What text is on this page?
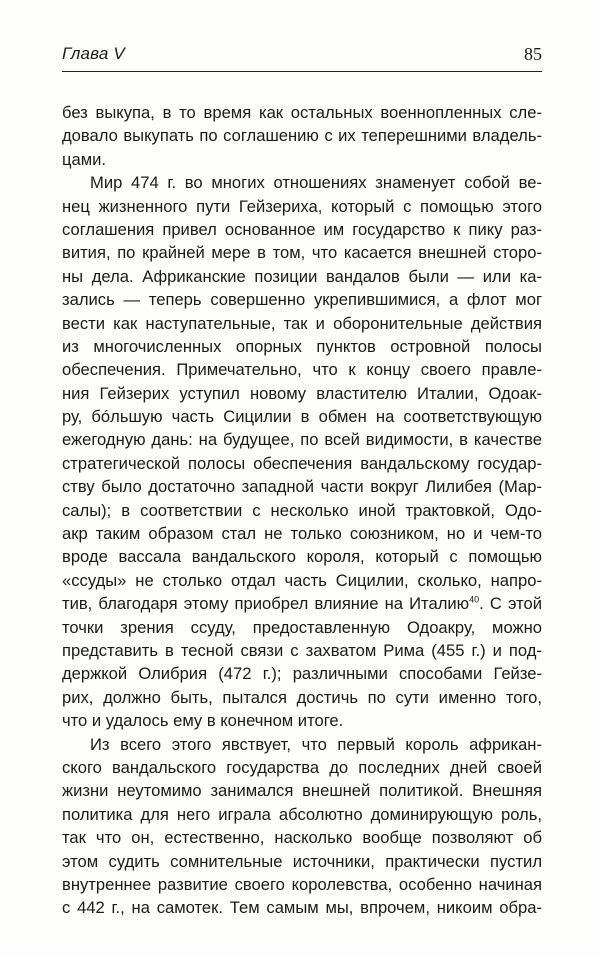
Глава V	85
без выкупа, в то время как остальных военнопленных сле-
довало выкупать по соглашению с их теперешними владель-
цами.
Мир 474 г. во многих отношениях знаменует собой ве-
нец жизненного пути Гейзериха, который с помощью этого
соглашения привел основанное им государство к пику раз-
вития, по крайней мере в том, что касается внешней сторо-
ны дела. Африканские позиции вандалов были — или ка-
зались — теперь совершенно укрепившимися, а флот мог
вести как наступательные, так и оборонительные действия
из многочисленных опорных пунктов островной полосы
обеспечения. Примечательно, что к концу своего правле-
ния Гейзерих уступил новому властителю Италии, Одоак-
ру, бóльшую часть Сицилии в обмен на соответствующую
ежегодную дань: на будущее, по всей видимости, в качестве
стратегической полосы обеспечения вандальскому государ-
ству было достаточно западной части вокруг Лилибея (Мар-
салы); в соответствии с несколько иной трактовкой, Одо-
акр таким образом стал не только союзником, но и чем-то
вроде вассала вандальского короля, который с помощью
«ссуды» не столько отдал часть Сицилии, сколько, напро-
тив, благодаря этому приобрел влияние на Италию$^{40}$. С этой
точки зрения ссуду, предоставленную Одоакру, можно
представить в тесной связи с захватом Рима (455 г.) и под-
держкой Олибрия (472 г.); различными способами Гейзе-
рих, должно быть, пытался достичь по сути именно того,
что и удалось ему в конечном итоге.
Из всего этого явствует, что первый король африкан-
ского вандальского государства до последних дней своей
жизни неутомимо занимался внешней политикой. Внешняя
политика для него играла абсолютно доминирующую роль,
так что он, естественно, насколько вообще позволяют об
этом судить сомнительные источники, практически пустил
внутреннее развитие своего королевства, особенно начиная
с 442 г., на самотек. Тем самым мы, впрочем, никоим обра-
